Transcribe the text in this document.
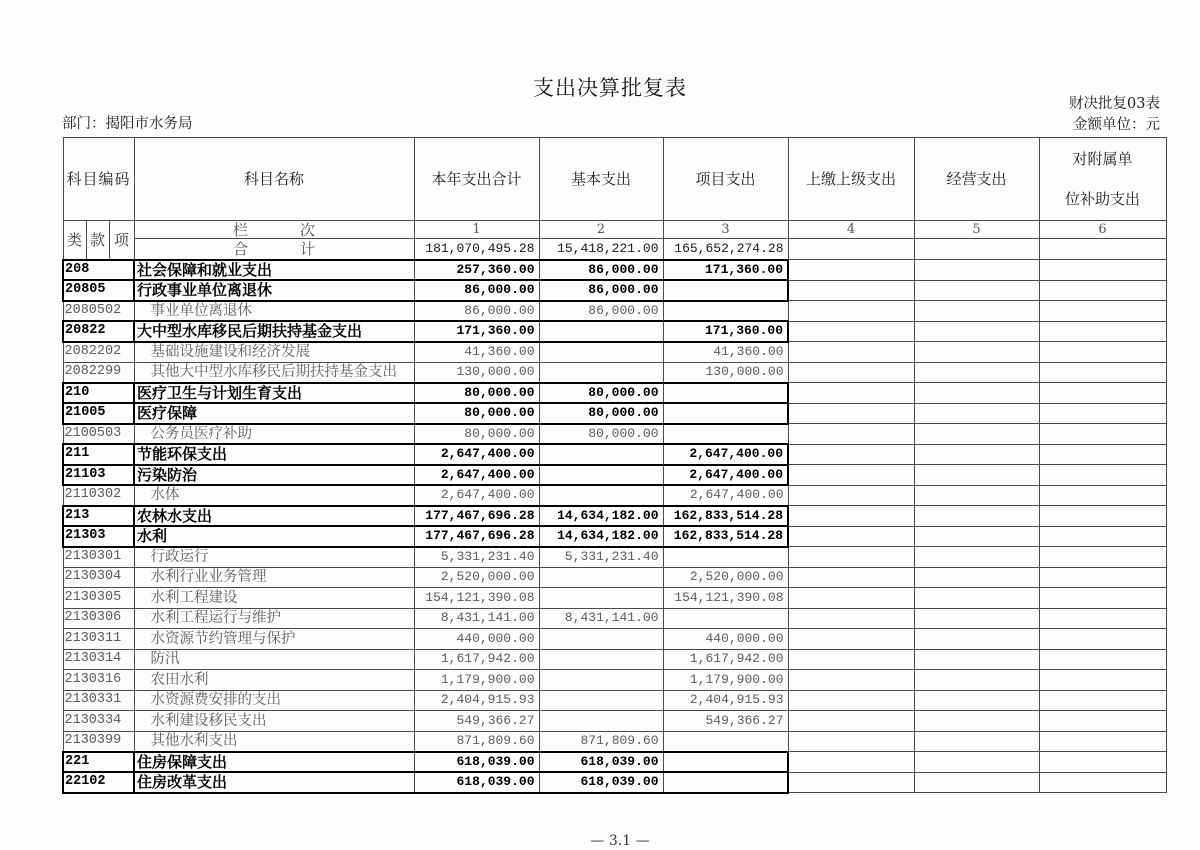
支出决算批复表
财决批复03表
部门：揭阳市水务局	金额单位：元
科目编码			科目名称	本年支出合计	基本支出	项目支出	上缴上级支出	经营支出	对附属单
位补助支出

类	款	项	栏次	1	2	3	4	5	6
			合计	181,070,495.28	15,418,221.00	165,652,274.28			
208			社会保障和就业支出	257,360.00	86,000.00	171,360.00			
20805			行政事业单位离退休	86,000.00	86,000.00				
2080502			事业单位离退休	86,000.00	86,000.00				
20822			大中型水库移民后期扶持基金支出	171,360.00		171,360.00			
2082202			基础设施建设和经济发展	41,360.00		41,360.00			
2082299			其他大中型水库移民后期扶持基金支出	130,000.00		130,000.00			
210			医疗卫生与计划生育支出	80,000.00	80,000.00				
21005			医疗保障	80,000.00	80,000.00				
2100503			公务员医疗补助	80,000.00	80,000.00				
211			节能环保支出	2,647,400.00		2,647,400.00			
21103			污染防治	2,647,400.00		2,647,400.00			
2110302			水体	2,647,400.00		2,647,400.00			
213			农林水支出	177,467,696.28	14,634,182.00	162,833,514.28			
21303			水利	177,467,696.28	14,634,182.00	162,833,514.28			
2130301			行政运行	5,331,231.40	5,331,231.40				
2130304			水利行业业务管理	2,520,000.00		2,520,000.00			
2130305			水利工程建设	154,121,390.08		154,121,390.08			
2130306			水利工程运行与维护	8,431,141.00	8,431,141.00				
2130311			水资源节约管理与保护	440,000.00		440,000.00			
2130314			防汛	1,617,942.00		1,617,942.00			
2130316			农田水利	1,179,900.00		1,179,900.00			
2130331			水资源费安排的支出	2,404,915.93		2,404,915.93			
2130334			水利建设移民支出	549,366.27		549,366.27			
2130399			其他水利支出	871,809.60	871,809.60				
221			住房保障支出	618,039.00	618,039.00				
22102			住房改革支出	618,039.00	618,039.00				
— 3.1 —
